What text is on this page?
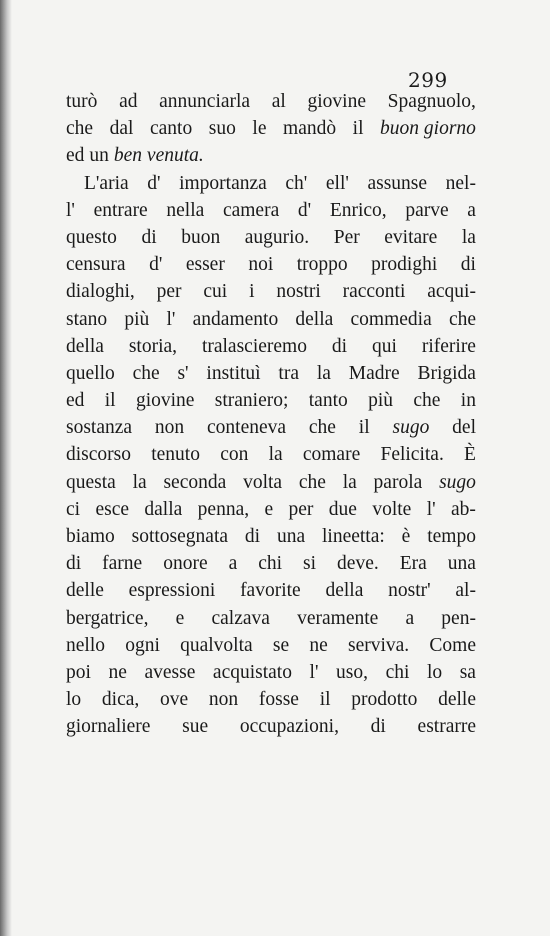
299
turò ad annunciarla al giovine Spagnuolo,
che dal canto suo le mandò il buon giorno
ed un ben venuta.
L'aria d' importanza ch' ell' assunse nel-
l' entrare nella camera d' Enrico, parve a
questo di buon augurio. Per evitare la
censura d' esser noi troppo prodighi di
dialoghi, per cui i nostri racconti acqui-
stano più l' andamento della commedia che
della storia, tralascieremo di qui riferire
quello che s' instituì tra la Madre Brigida
ed il giovine straniero; tanto più che in
sostanza non conteneva che il sugo del
discorso tenuto con la comare Felicita. È
questa la seconda volta che la parola sugo
ci esce dalla penna, e per due volte l' ab-
biamo sottosegnata di una lineetta: è tempo
di farne onore a chi si deve. Era una
delle espressioni favorite della nostr' al-
bergatrice, e calzava veramente a pen-
nello ogni qualvolta se ne serviva. Come
poi ne avesse acquistato l' uso, chi lo sa
lo dica, ove non fosse il prodotto delle
giornaliere sue occupazioni, di estrarre
